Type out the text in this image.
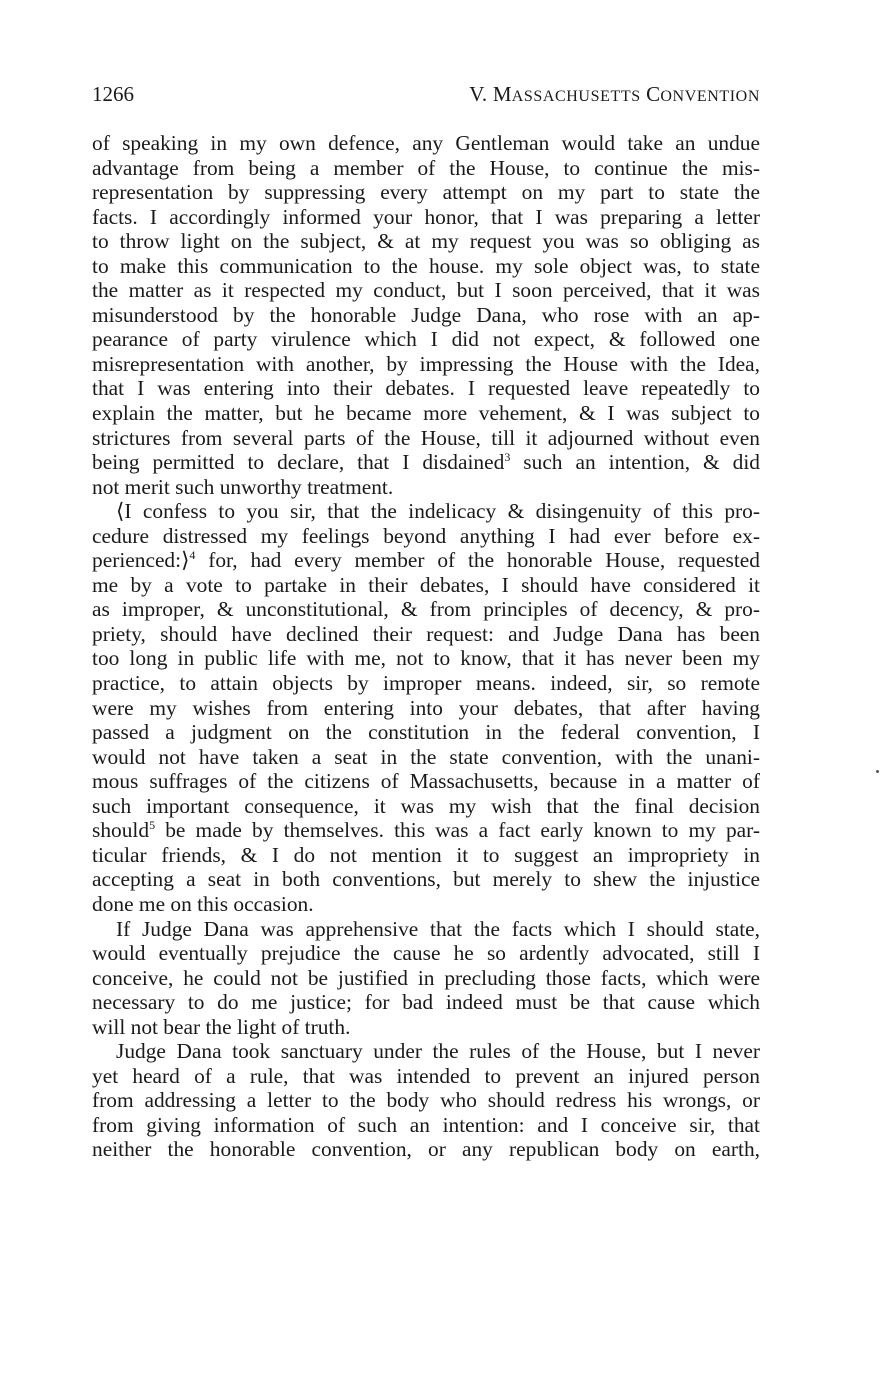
1266	V. MASSACHUSETTS CONVENTION
of speaking in my own defence, any Gentleman would take an undue
advantage from being a member of the House, to continue the mis-
representation by suppressing every attempt on my part to state the
facts. I accordingly informed your honor, that I was preparing a letter
to throw light on the subject, & at my request you was so obliging as
to make this communication to the house. my sole object was, to state
the matter as it respected my conduct, but I soon perceived, that it was
misunderstood by the honorable Judge Dana, who rose with an ap-
pearance of party virulence which I did not expect, & followed one
misrepresentation with another, by impressing the House with the Idea,
that I was entering into their debates. I requested leave repeatedly to
explain the matter, but he became more vehement, & I was subject to
strictures from several parts of the House, till it adjourned without even
being permitted to declare, that I disdained$^3$ such an intention, & did
not merit such unworthy treatment.
⟨I confess to you sir, that the indelicacy & disingenuity of this pro-
cedure distressed my feelings beyond anything I had ever before ex-
perienced:⟩$^4$ for, had every member of the honorable House, requested
me by a vote to partake in their debates, I should have considered it
as improper, & unconstitutional, & from principles of decency, & pro-
priety, should have declined their request: and Judge Dana has been
too long in public life with me, not to know, that it has never been my
practice, to attain objects by improper means. indeed, sir, so remote
were my wishes from entering into your debates, that after having
passed a judgment on the constitution in the federal convention, I
would not have taken a seat in the state convention, with the unani-
mous suffrages of the citizens of Massachusetts, because in a matter of
such important consequence, it was my wish that the final decision
should$^5$ be made by themselves. this was a fact early known to my par-
ticular friends, & I do not mention it to suggest an impropriety in
accepting a seat in both conventions, but merely to shew the injustice
done me on this occasion.
If Judge Dana was apprehensive that the facts which I should state,
would eventually prejudice the cause he so ardently advocated, still I
conceive, he could not be justified in precluding those facts, which were
necessary to do me justice; for bad indeed must be that cause which
will not bear the light of truth.
Judge Dana took sanctuary under the rules of the House, but I never
yet heard of a rule, that was intended to prevent an injured person
from addressing a letter to the body who should redress his wrongs, or
from giving information of such an intention: and I conceive sir, that
neither the honorable convention, or any republican body on earth,
